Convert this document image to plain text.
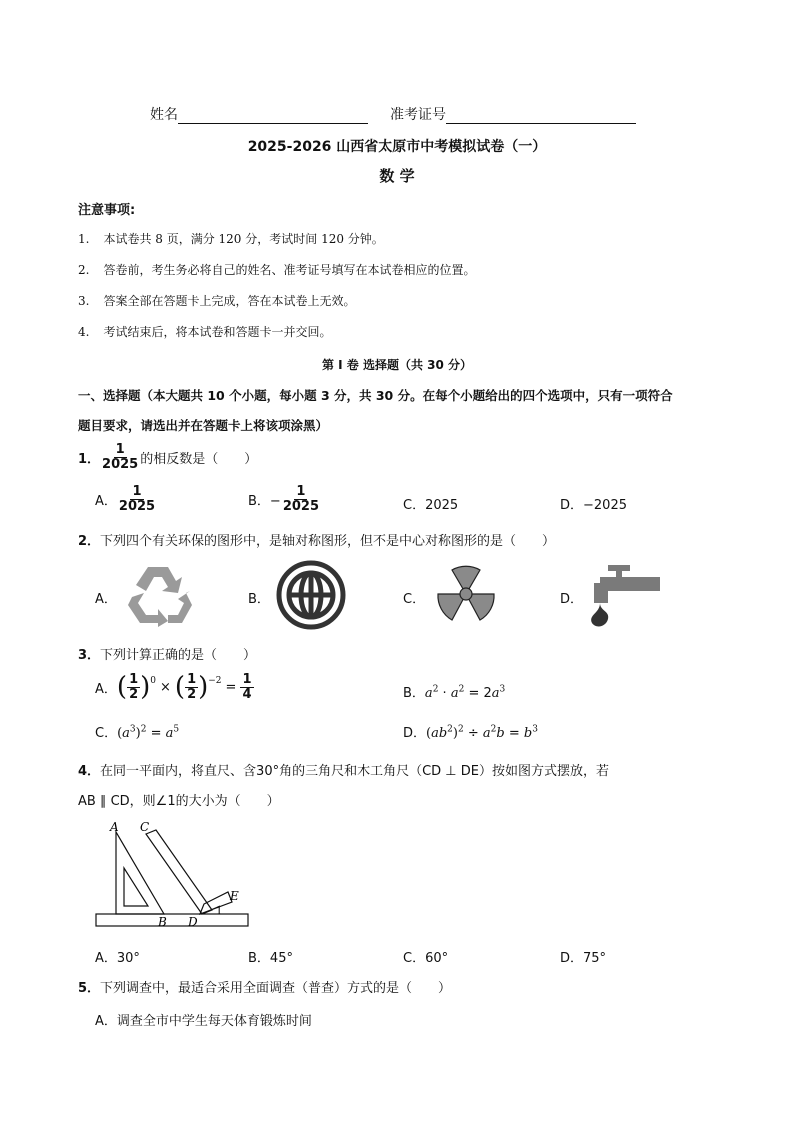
姓名	准考证号
2025-2026 山西省太原市中考模拟试卷（一）
数 学
注意事项:
1. 本试卷共 8 页，满分 120 分，考试时间 120 分钟。
2. 答卷前，考生务必将自己的姓名、准考证号填写在本试卷相应的位置。
3. 答案全部在答题卡上完成，答在本试卷上无效。
4. 考试结束后，将本试卷和答题卡一并交回。
第 I 卷 选择题（共 30 分）
一、选择题（本大题共 10 个小题，每小题 3 分，共 30 分。在每个小题给出的四个选项中，只有一项符合
题目要求，请选出并在答题卡上将该项涂黑）
1． $\frac{1}{2025}$ 的相反数是（　　）
A． $\frac{1}{2025}$	B．− $\frac{1}{2025}$	C．2025	D．−2025
2．下列四个有关环保的图形中，是轴对称图形，但不是中心对称图形的是（　　）
A．	B．	C．	D．
3．下列计算正确的是（　　）
A． ( $\frac{1}{2} )^0$ × ( $\frac{1}{2} )^{-2} = \frac{1}{4}$	B．$a^2 \cdot a^2 = 2a^3$
C．$(a^3)^2 = a^5$	D．$(ab^2)^2 \div a^2b = b^3$
4．在同一平面内，将直尺、含30°角的三角尺和木工角尺（CD ⊥ DE）按如图方式摆放，若
AB ∥ CD，则∠1的大小为（　　）
A C
B D
E
1
A．30°	B．45°	C．60°	D．75°
5．下列调查中，最适合采用全面调查（普查）方式的是（　　）
A．调查全市中学生每天体育锻炼时间
